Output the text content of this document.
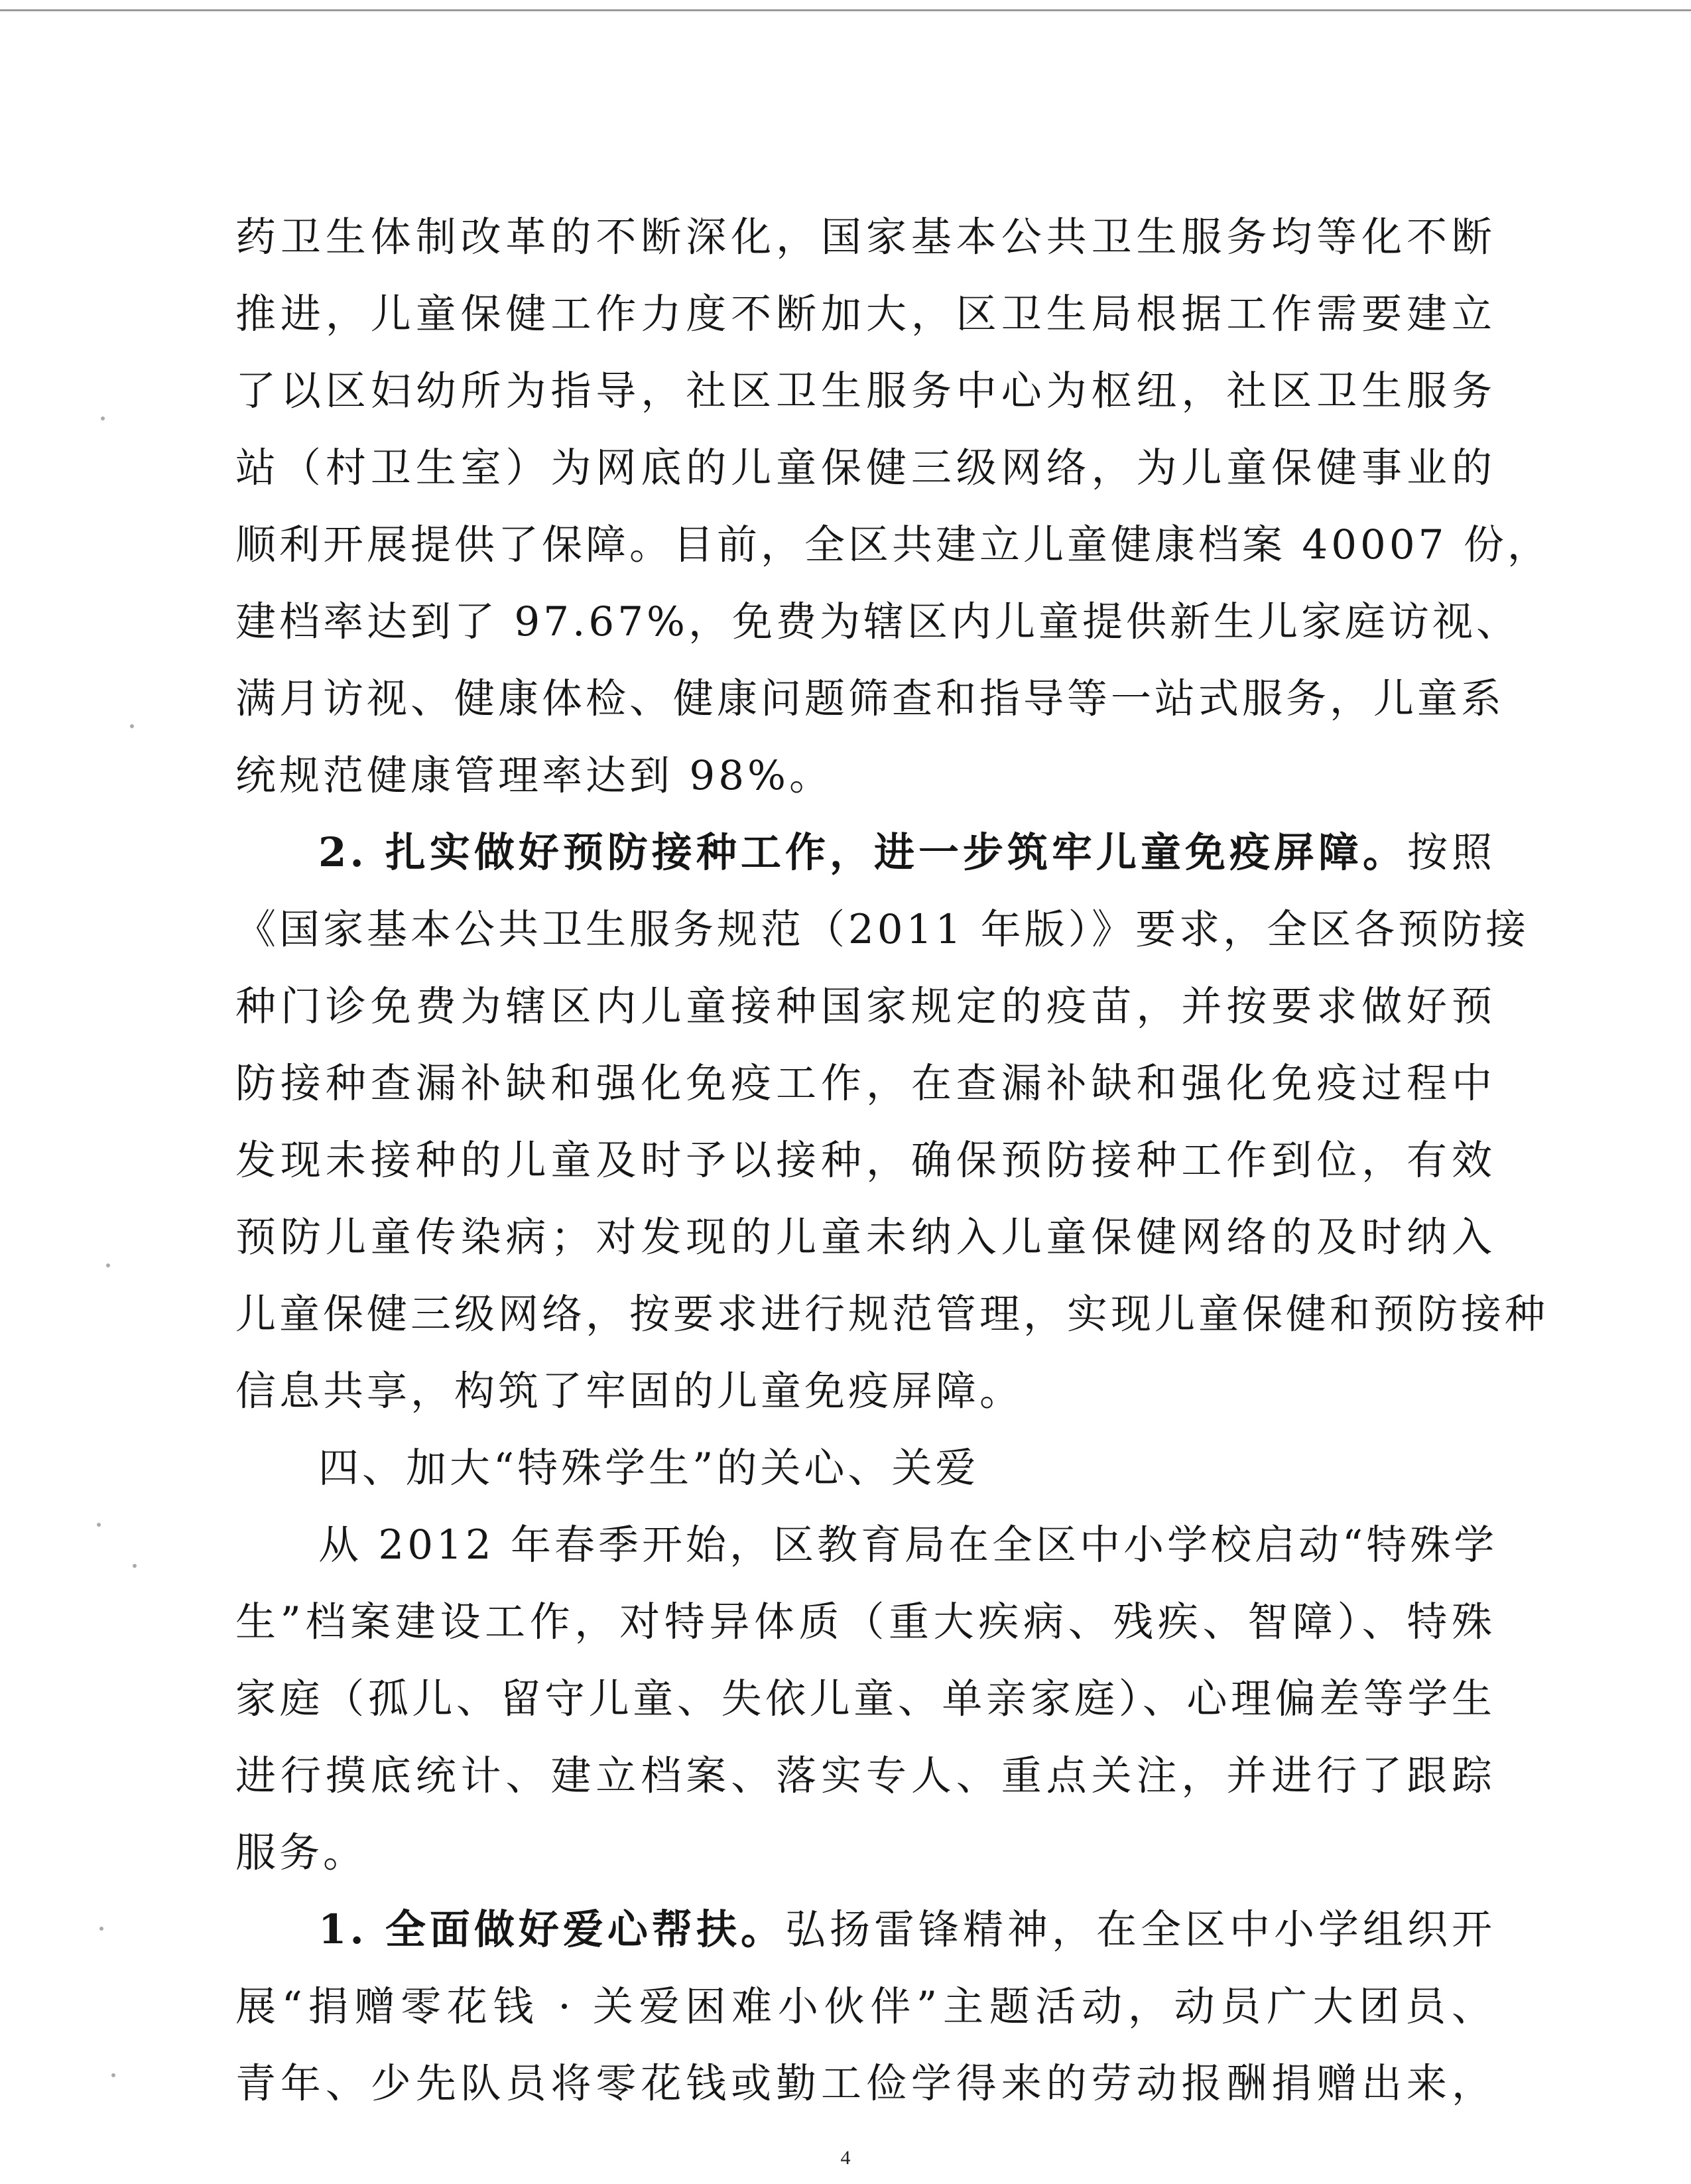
药卫生体制改革的不断深化，国家基本公共卫生服务均等化不断
推进，儿童保健工作力度不断加大，区卫生局根据工作需要建立
了以区妇幼所为指导，社区卫生服务中心为枢纽，社区卫生服务
站（村卫生室）为网底的儿童保健三级网络，为儿童保健事业的
顺利开展提供了保障。目前，全区共建立儿童健康档案 40007 份，
建档率达到了 97.67%，免费为辖区内儿童提供新生儿家庭访视、
满月访视、健康体检、健康问题筛查和指导等一站式服务，儿童系
统规范健康管理率达到 98%。
2. 扎实做好预防接种工作，进一步筑牢儿童免疫屏障。按照
《国家基本公共卫生服务规范（2011 年版）》要求，全区各预防接
种门诊免费为辖区内儿童接种国家规定的疫苗，并按要求做好预
防接种查漏补缺和强化免疫工作，在查漏补缺和强化免疫过程中
发现未接种的儿童及时予以接种，确保预防接种工作到位，有效
预防儿童传染病；对发现的儿童未纳入儿童保健网络的及时纳入
儿童保健三级网络，按要求进行规范管理，实现儿童保健和预防接种
信息共享，构筑了牢固的儿童免疫屏障。
四、加大“特殊学生”的关心、关爱
从 2012 年春季开始，区教育局在全区中小学校启动“特殊学
生”档案建设工作，对特异体质（重大疾病、残疾、智障）、特殊
家庭（孤儿、留守儿童、失依儿童、单亲家庭）、心理偏差等学生
进行摸底统计、建立档案、落实专人、重点关注，并进行了跟踪
服务。
1. 全面做好爱心帮扶。弘扬雷锋精神，在全区中小学组织开
展“捐赠零花钱 · 关爱困难小伙伴”主题活动，动员广大团员、
青年、少先队员将零花钱或勤工俭学得来的劳动报酬捐赠出来，
4
